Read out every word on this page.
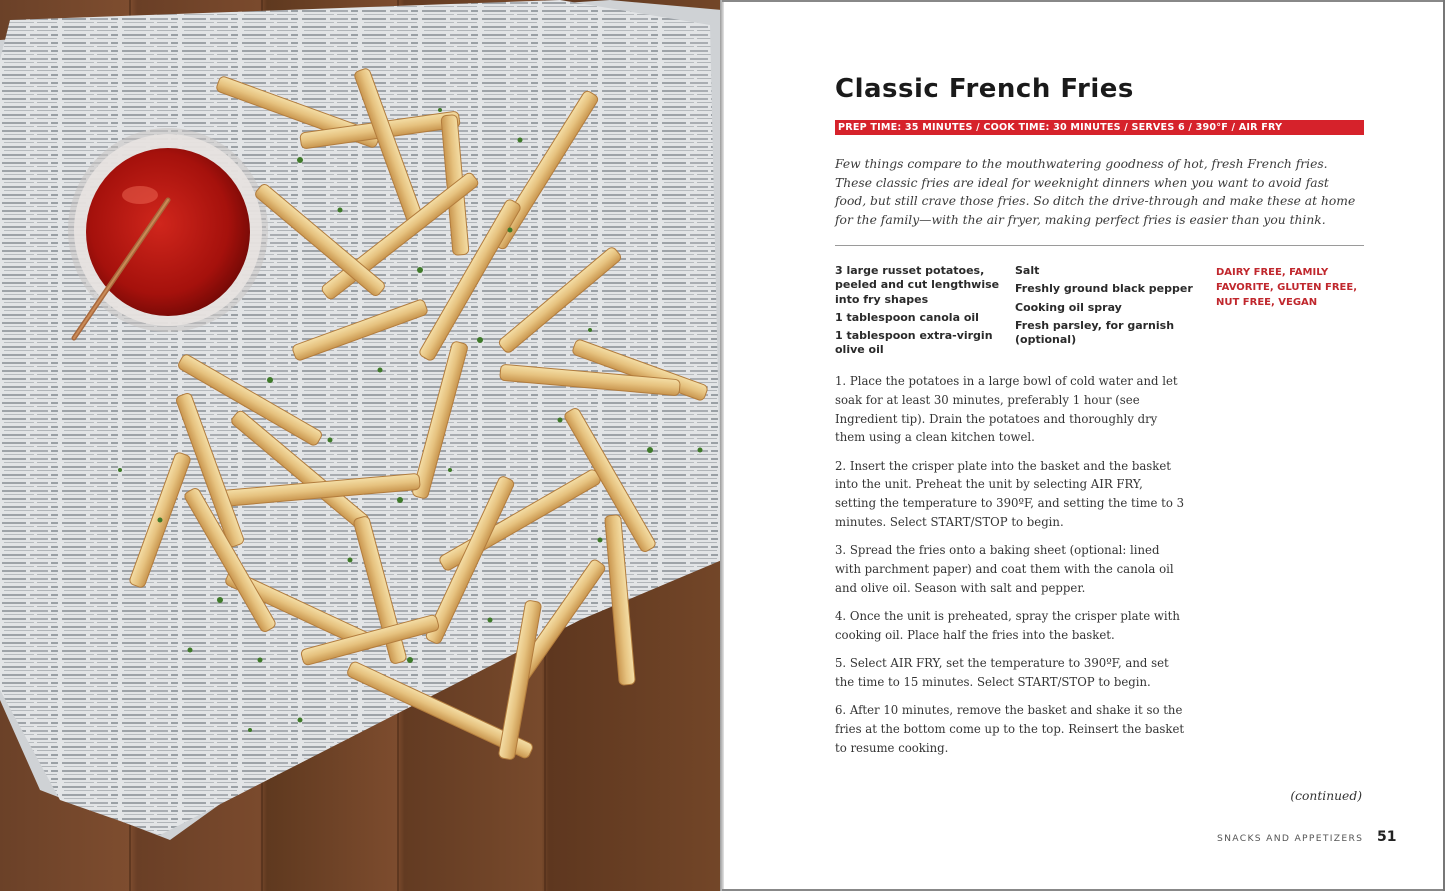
Classic French Fries
PREP TIME: 35 MINUTES / COOK TIME: 30 MINUTES / SERVES 6 / 390°F / AIR FRY

Few things compare to the mouthwatering goodness of hot, fresh French fries. These classic fries are ideal for weeknight dinners when you want to avoid fast food, but still crave those fries. So ditch the drive-through and make these at home for the family—with the air fryer, making perfect fries is easier than you think.

3 large russet potatoes, peeled and cut lengthwise into fry shapes
1 tablespoon canola oil
1 tablespoon extra-virgin olive oil
Salt
Freshly ground black pepper
Cooking oil spray
Fresh parsley, for garnish (optional)

DAIRY FREE, FAMILY FAVORITE, GLUTEN FREE, NUT FREE, VEGAN

1. Place the potatoes in a large bowl of cold water and let soak for at least 30 minutes, preferably 1 hour (see Ingredient tip). Drain the potatoes and thoroughly dry them using a clean kitchen towel.
2. Insert the crisper plate into the basket and the basket into the unit. Preheat the unit by selecting AIR FRY, setting the temperature to 390ºF, and setting the time to 3 minutes. Select START/STOP to begin.
3. Spread the fries onto a baking sheet (optional: lined with parchment paper) and coat them with the canola oil and olive oil. Season with salt and pepper.
4. Once the unit is preheated, spray the crisper plate with cooking oil. Place half the fries into the basket.
5. Select AIR FRY, set the temperature to 390ºF, and set the time to 15 minutes. Select START/STOP to begin.
6. After 10 minutes, remove the basket and shake it so the fries at the bottom come up to the top. Reinsert the basket to resume cooking.
(continued)
SNACKS AND APPETIZERS 51
